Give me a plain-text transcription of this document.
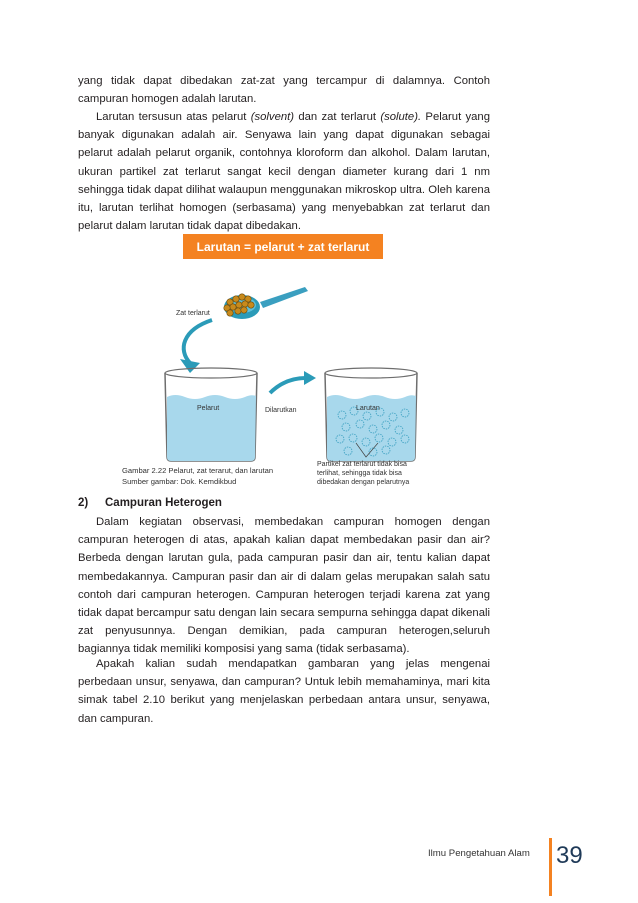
yang tidak dapat dibedakan zat-zat yang tercampur di dalamnya. Contoh campuran homogen adalah larutan.

Larutan tersusun atas pelarut (solvent) dan zat terlarut (solute). Pelarut yang banyak digunakan adalah air. Senyawa lain yang dapat digunakan sebagai pelarut adalah pelarut organik, contohnya kloroform dan alkohol. Dalam larutan, ukuran partikel zat terlarut sangat kecil dengan diameter kurang dari 1 nm sehingga tidak dapat dilihat walaupun menggunakan mikroskop ultra. Oleh karena itu, larutan terlihat homogen (serbasama) yang menyebabkan zat terlarut dan pelarut dalam larutan tidak dapat dibedakan.

Larutan = pelarut + zat terlarut
Zat terlarut
Pelarut	Dilarutkan	Larutan
Partikel zat terlarut tidak bisa
terlihat, sehingga tidak bisa
dibedakan dengan pelarutnya
Gambar 2.22 Pelarut, zat terarut, dan larutan
Sumber gambar: Dok. Kemdikbud
2) Campuran Heterogen

Dalam kegiatan observasi, membedakan campuran homogen dengan campuran heterogen di atas, apakah kalian dapat membedakan pasir dan air? Berbeda dengan larutan gula, pada campuran pasir dan air, tentu kalian dapat membedakannya. Campuran pasir dan air di dalam gelas merupakan salah satu contoh dari campuran heterogen. Campuran heterogen terjadi karena zat yang tidak dapat bercampur satu dengan lain secara sempurna sehingga dapat dikenali zat penyusunnya. Dengan demikian, pada campuran heterogen,seluruh bagiannya tidak memiliki komposisi yang sama (tidak serbasama).

Apakah kalian sudah mendapatkan gambaran yang jelas mengenai perbedaan unsur, senyawa, dan campuran? Untuk lebih memahaminya, mari kita simak tabel 2.10 berikut yang menjelaskan perbedaan antara unsur, senyawa, dan campuran.

Ilmu Pengetahuan Alam 39
